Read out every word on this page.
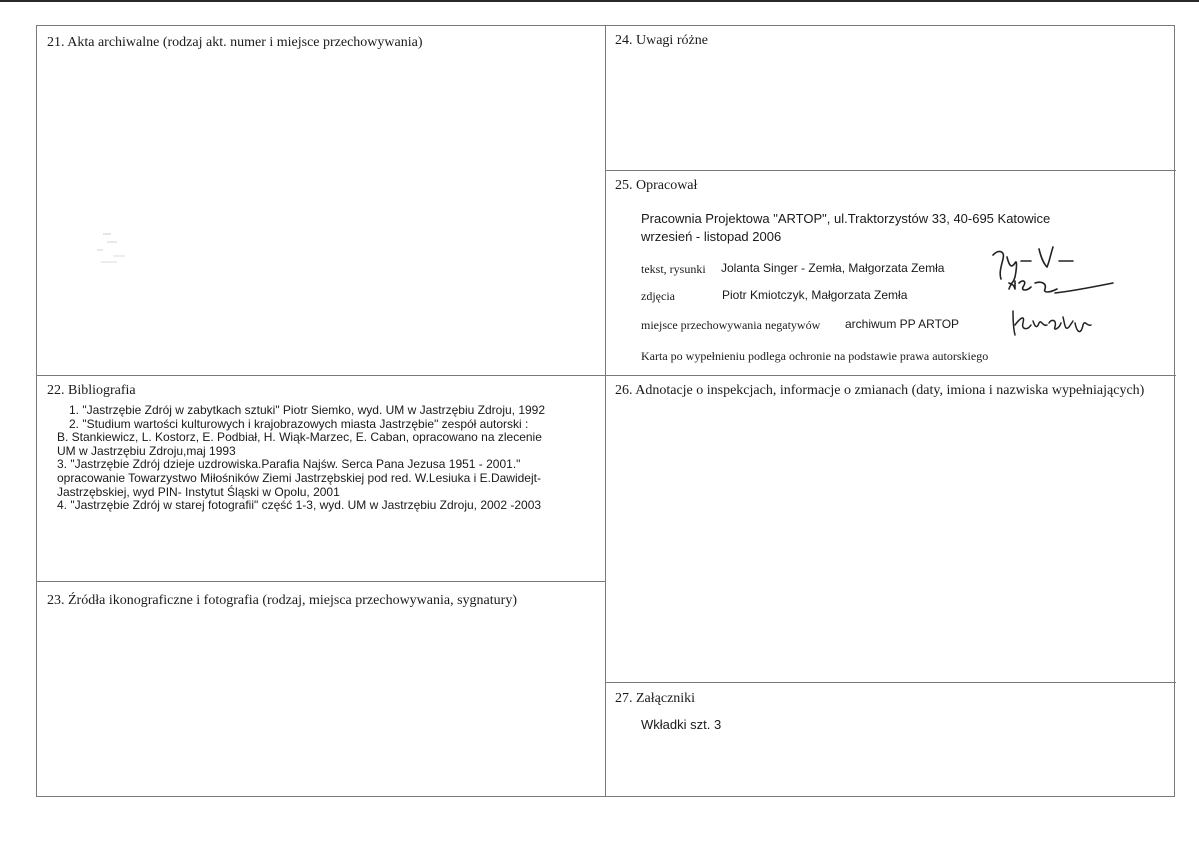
21. Akta archiwalne (rodzaj akt. numer i miejsce przechowywania)	24. Uwagi różne
25. Opracował
Pracownia Projektowa "ARTOP", ul.Traktorzystów 33, 40-695 Katowice
wrzesień - listopad 2006
tekst, rysunki Jolanta Singer - Zemła, Małgorzata Zemła
zdjęcia	Piotr Kmiotczyk, Małgorzata Zemła
miejsce przechowywania negatywów archiwum PP ARTOP
Karta po wypełnieniu podlega ochronie na podstawie prawa autorskiego
22. Bibliografia
1. "Jastrzębie Zdrój w zabytkach sztuki" Piotr Siemko, wyd. UM w Jastrzębiu Zdroju, 1992
2. "Studium wartości kulturowych i krajobrazowych miasta Jastrzębie" zespół autorski :
B. Stankiewicz, L. Kostorz, E. Podbiał, H. Wiąk-Marzec, E. Caban, opracowano na zlecenie
UM w Jastrzębiu Zdroju,maj 1993
3. "Jastrzębie Zdrój dzieje uzdrowiska.Parafia Najśw. Serca Pana Jezusa 1951 - 2001."
opracowanie Towarzystwo Miłośników Ziemi Jastrzębskiej pod red. W.Lesiuka i E.Dawidejt-
Jastrzębskiej, wyd PIN- Instytut Śląski w Opolu, 2001
4. "Jastrzębie Zdrój w starej fotografii" część 1-3, wyd. UM w Jastrzębiu Zdroju, 2002 -2003
26. Adnotacje o inspekcjach, informacje o zmianach (daty, imiona i nazwiska wypełniających)
23. Źródła ikonograficzne i fotografia (rodzaj, miejsca przechowywania, sygnatury)
27. Załączniki
Wkładki szt. 3
